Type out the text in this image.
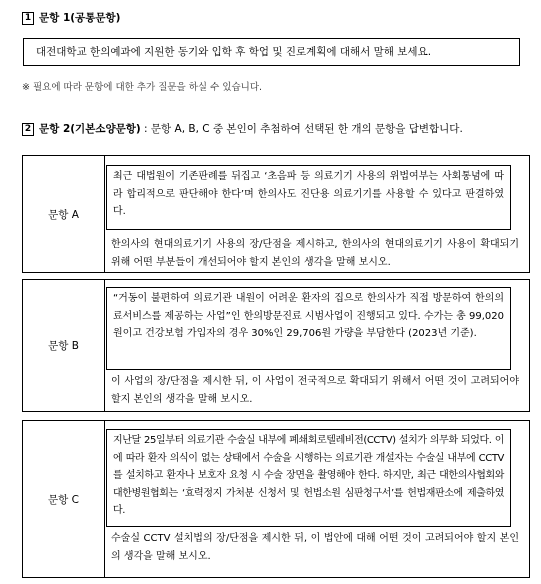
1 문항 1(공통문항)
대전대학교 한의예과에 지원한 동기와 입학 후 학업 및 진로계획에 대해서 말해 보세요.
※ 필요에 따라 문항에 대한 추가 질문을 하실 수 있습니다.
2 문항 2(기본소양문항) : 문항 A, B, C 중 본인이 추첨하여 선택된 한 개의 문항을 답변합니다.
문항 A
최근 대법원이 기존판례를 뒤집고 ‘초음파 등 의료기기 사용의 위법여부는 사회통념에 따라 합리적으로 판단해야 한다’며 한의사도 진단용 의료기기를 사용할 수 있다고 판결하였다.
한의사의 현대의료기기 사용의 장/단점을 제시하고, 한의사의 현대의료기기 사용이 확대되기 위해 어떤 부분들이 개선되어야 할지 본인의 생각을 말해 보시오.
문항 B
“거동이 불편하여 의료기관 내원이 어려운 환자의 집으로 한의사가 직접 방문하여 한의의료서비스를 제공하는 사업”인 한의방문진료 시범사업이 진행되고 있다. 수가는 총 99,020원이고 건강보험 가입자의 경우 30%인 29,706원 가량을 부담한다 (2023년 기준).
이 사업의 장/단점을 제시한 뒤, 이 사업이 전국적으로 확대되기 위해서 어떤 것이 고려되어야 할지 본인의 생각을 말해 보시오.
문항 C
지난달 25일부터 의료기관 수술실 내부에 폐쇄회로텔레비전(CCTV) 설치가 의무화 되었다. 이에 따라 환자 의식이 없는 상태에서 수술을 시행하는 의료기관 개설자는 수술실 내부에 CCTV를 설치하고 환자나 보호자 요청 시 수술 장면을 촬영해야 한다. 하지만, 최근 대한의사협회와 대한병원협회는 ‘효력정지 가처분 신청서 및 헌법소원 심판청구서’를 헌법재판소에 제출하였다.
수술실 CCTV 설치법의 장/단점을 제시한 뒤, 이 법안에 대해 어떤 것이 고려되어야 할지 본인의 생각을 말해 보시오.
